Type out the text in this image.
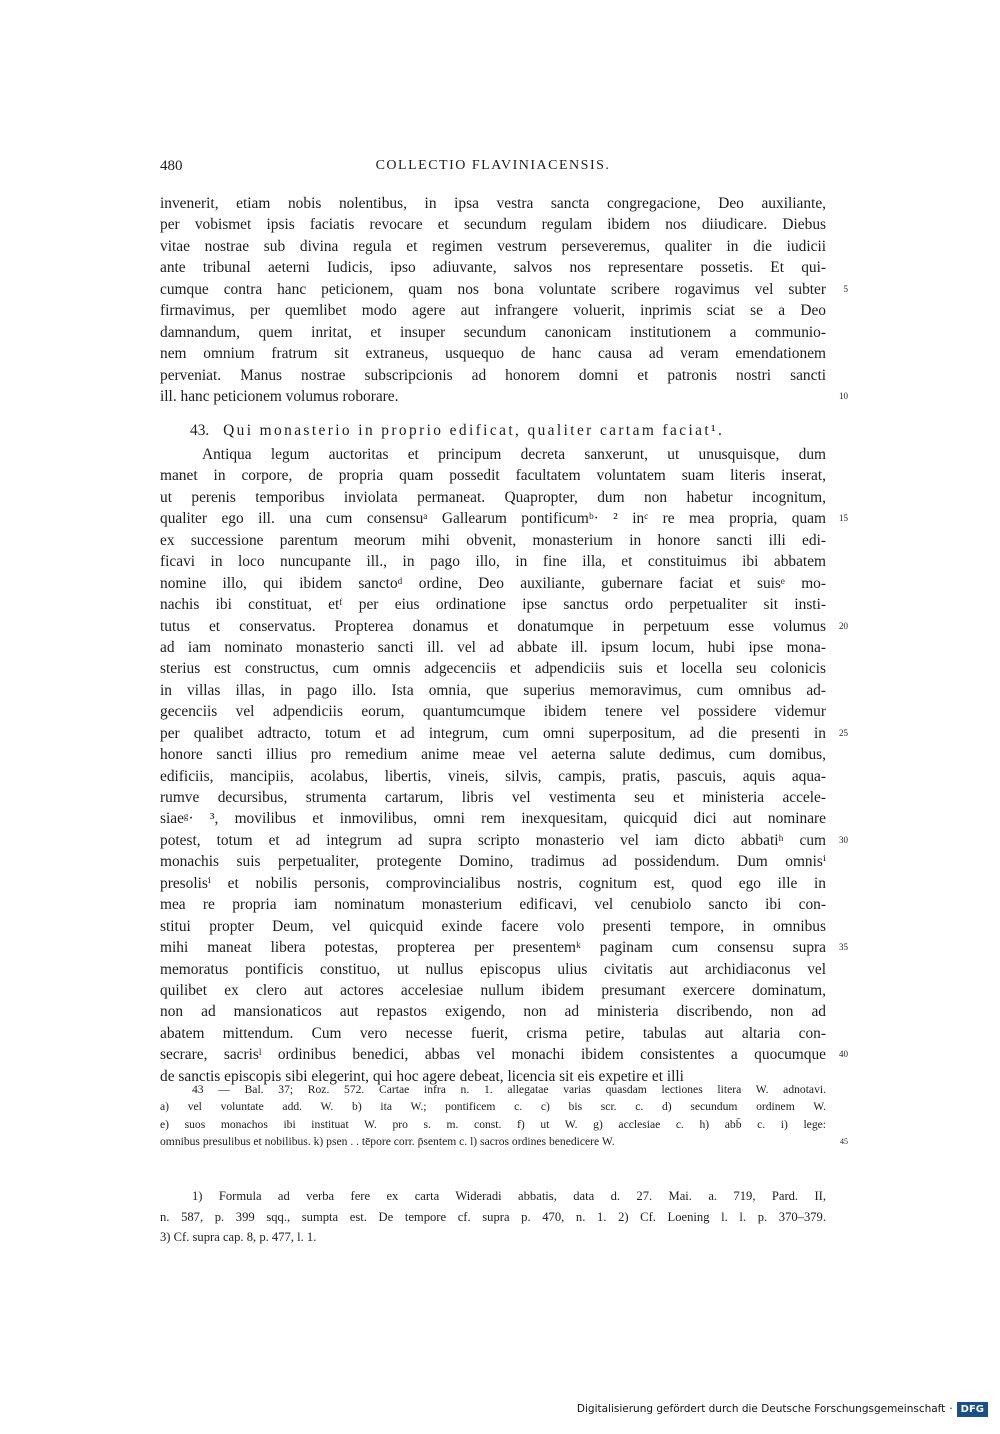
480	COLLECTIO FLAVINIACENSIS.
invenerit, etiam nobis nolentibus, in ipsa vestra sancta congregacione, Deo auxiliante,
per vobismet ipsis faciatis revocare et secundum regulam ibidem nos diiudicare. Diebus
vitae nostrae sub divina regula et regimen vestrum perseveremus, qualiter in die iudicii
ante tribunal aeterni Iudicis, ipso adiuvante, salvos nos representare possetis. Et qui-
cumque contra hanc peticionem, quam nos bona voluntate scribere rogavimus vel subter 5
firmavimus, per quemlibet modo agere aut infrangere voluerit, inprimis sciat se a Deo
damnandum, quem inritat, et insuper secundum canonicam institutionem a communio-
nem omnium fratrum sit extraneus, usquequo de hanc causa ad veram emendationem
perveniat. Manus nostrae subscripcionis ad honorem domni et patronis nostri sancti
ill. hanc peticionem volumus roborare.	10
43. Qui monasterio in proprio edificat, qualiter cartam faciat¹.
Antiqua legum auctoritas et principum decreta sanxerunt, ut unusquisque, dum
manet in corpore, de propria quam possedit facultatem voluntatem suam literis inserat,
ut perenis temporibus inviolata permaneat. Quapropter, dum non habetur incognitum,
qualiter ego ill. una cum consensuᵃ Gallearum pontificumᵇ· ² inᶜ re mea propria, quam 15
ex successione parentum meorum mihi obvenit, monasterium in honore sancti illi edi-
ficavi in loco nuncupante ill., in pago illo, in fine illa, et constituimus ibi abbatem
nomine illo, qui ibidem sanctoᵈ ordine, Deo auxiliante, gubernare faciat et suisᵉ mo-
nachis ibi constituat, etᶠ per eius ordinatione ipse sanctus ordo perpetualiter sit insti-
tutus et conservatus. Propterea donamus et donatumque in perpetuum esse volumus 20
ad iam nominato monasterio sancti ill. vel ad abbate ill. ipsum locum, hubi ipse mona-
sterius est constructus, cum omnis adgecenciis et adpendiciis suis et locella seu colonicis
in villas illas, in pago illo. Ista omnia, que superius memoravimus, cum omnibus ad-
gecenciis vel adpendiciis eorum, quantumcumque ibidem tenere vel possidere videmur
per qualibet adtracto, totum et ad integrum, cum omni superpositum, ad die presenti in 25
honore sancti illius pro remedium anime meae vel aeterna salute dedimus, cum domibus,
edificiis, mancipiis, acolabus, libertis, vineis, silvis, campis, pratis, pascuis, aquis aqua-
rumve decursibus, strumenta cartarum, libris vel vestimenta seu et ministeria accele-
siaeᵍ· ³, movilibus et inmovilibus, omni rem inexquesitam, quicquid dici aut nominare
potest, totum et ad integrum ad supra scripto monasterio vel iam dicto abbatiʰ cum 30
monachis suis perpetualiter, protegente Domino, tradimus ad possidendum. Dum omnisⁱ
presolisⁱ et nobilis personis, comprovincialibus nostris, cognitum est, quod ego ille in
mea re propria iam nominatum monasterium edificavi, vel cenubiolo sancto ibi con-
stitui propter Deum, vel quicquid exinde facere volo presenti tempore, in omnibus
mihi maneat libera potestas, propterea per presentemᵏ paginam cum consensu supra 35
memoratus pontificis constituo, ut nullus episcopus ulius civitatis aut archidiaconus vel
quilibet ex clero aut actores accelesiae nullum ibidem presumant exercere dominatum,
non ad mansionaticos aut repastos exigendo, non ad ministeria discribendo, non ad
abatem mittendum. Cum vero necesse fuerit, crisma petire, tabulas aut altaria con-
secrare, sacrisˡ ordinibus benedici, abbas vel monachi ibidem consistentes a quocumque 40
de sanctis episcopis sibi elegerint, qui hoc agere debeat, licencia sit eis expetire et illi
43 — Bal. 37; Roz. 572. Cartae infra n. 1. allegatae varias quasdam lectiones litera W. adnotavi.
a) vel voluntate add. W. b) ita W.; pontificem c. c) bis scr. c. d) secundum ordinem W.
e) suos monachos ibi instituat W. pro s. m. const. f) ut W. g) acclesiae c. h) abb̄ c. i) lege:
omnibus presulibus et nobilibus. k) psen . . tēpore corr. p̄sentem c. l) sacros ordines benedicere W.	45
1) Formula ad verba fere ex carta Wideradi abbatis, data d. 27. Mai. a. 719, Pard. II,
n. 587, p. 399 sqq., sumpta est. De tempore cf. supra p. 470, n. 1. 2) Cf. Loening l. l. p. 370–379.
3) Cf. supra cap. 8, p. 477, l. 1.
Digitalisierung gefördert durch die Deutsche Forschungsgemeinschaft · DFG
